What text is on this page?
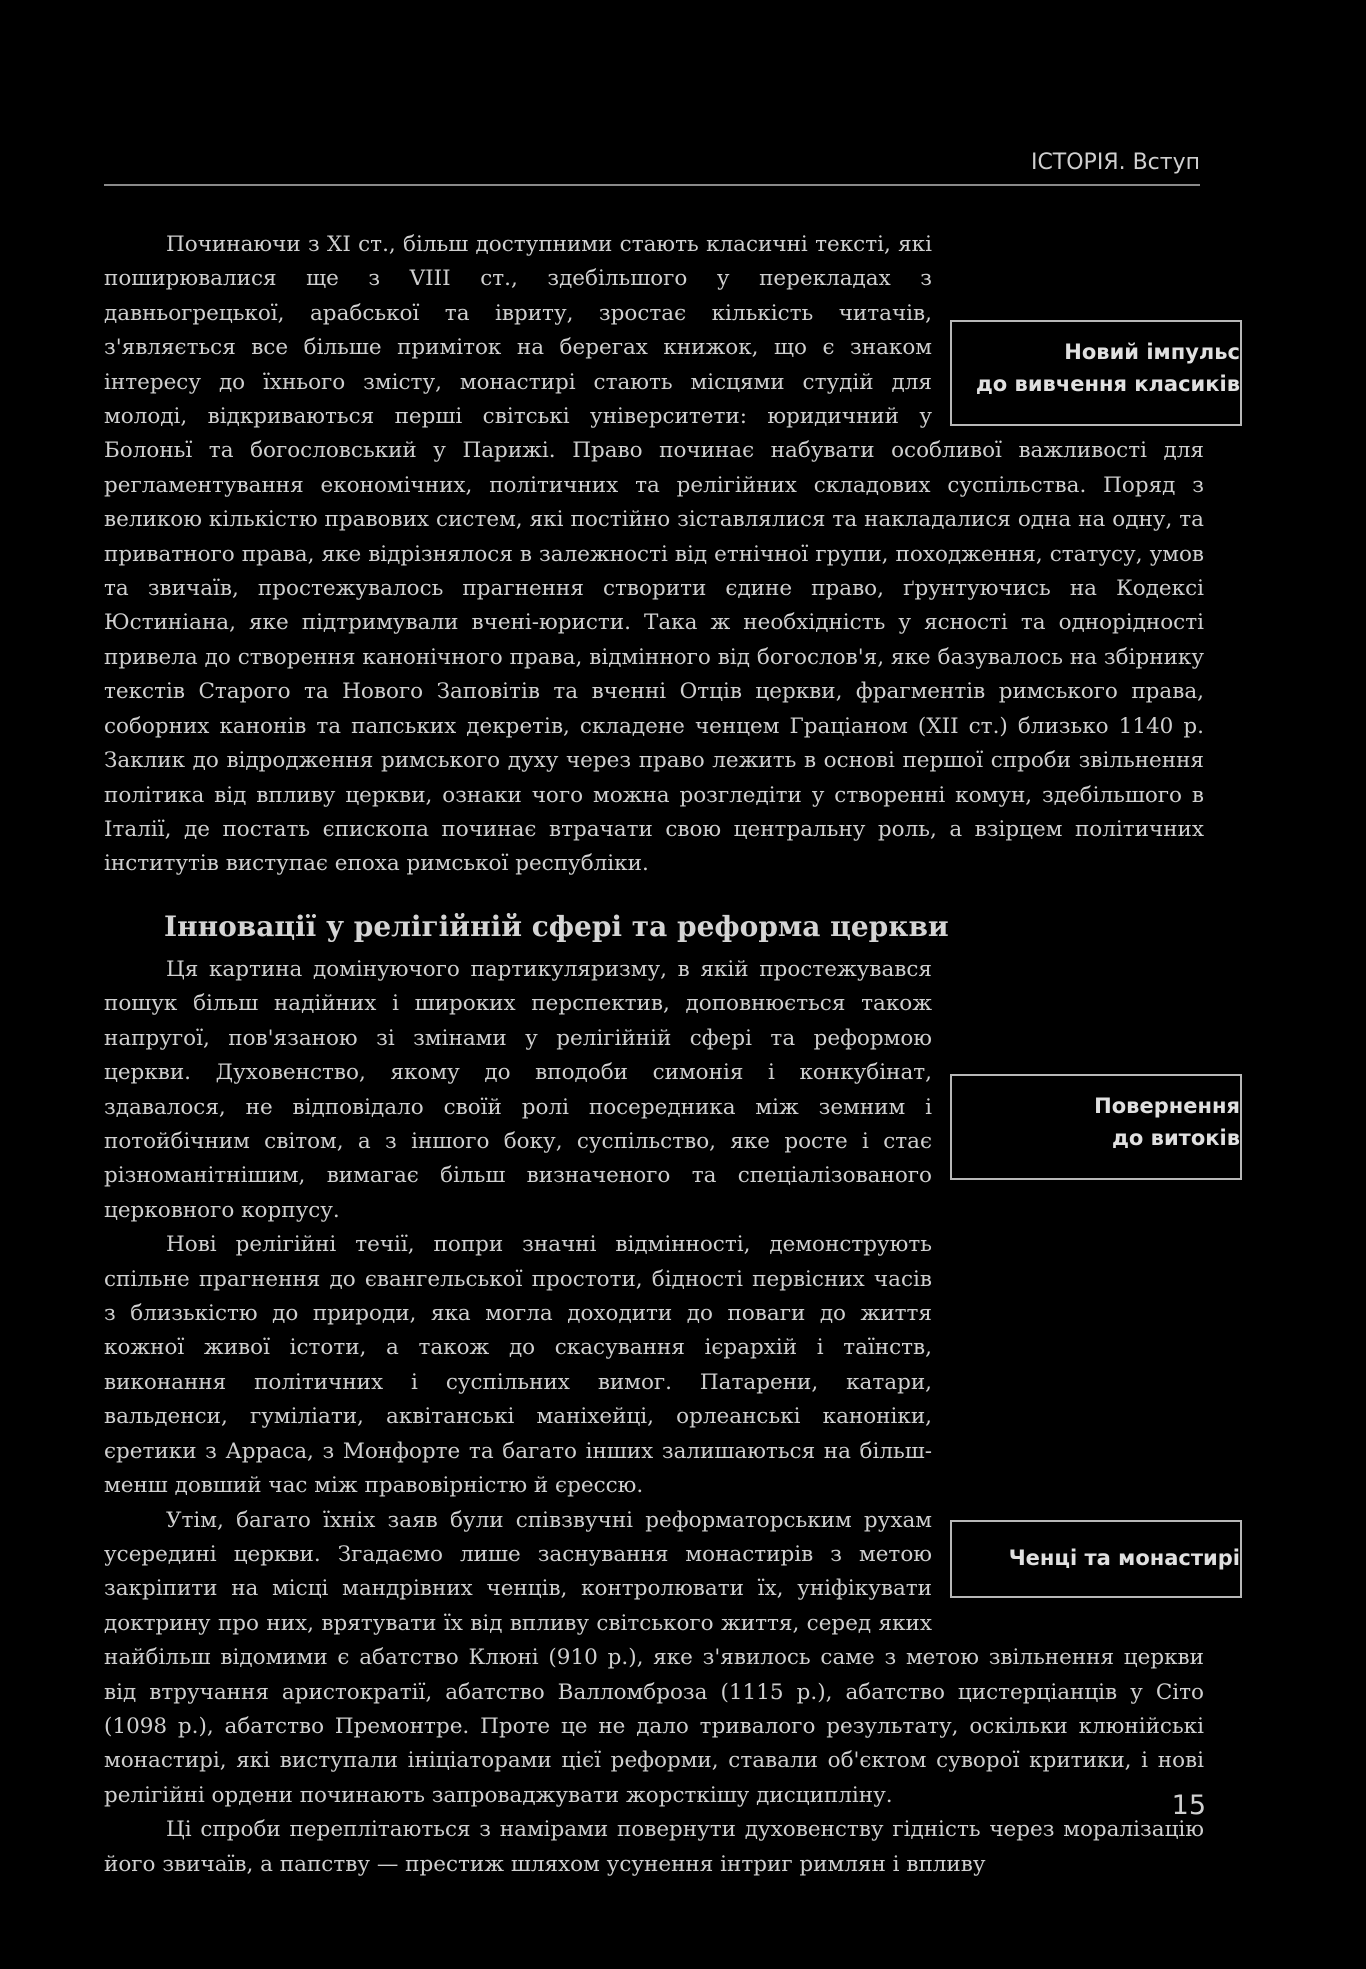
ІСТОРІЯ. Вступ

Починаючи з XI ст., більш доступними стають класичні тексті, які поширювалися ще з VIII ст., здебільшого у перекладах з давньогрецької, арабської та івриту, зростає кількість читачів, з'являється все більше приміток на берегах книжок, що є знаком інтересу до їхнього змісту, монастирі стають місцями студій для молоді, відкриваються перші світські університети: юридичний у Болоньї та богословський у Парижі. Право починає набувати особливої важливості для регламентування економічних, політичних та релігійних складових суспільства. Поряд з великою кількістю правових систем, які постійно зіставлялися та накладалися одна на одну, та приватного права, яке відрізнялося в залежності від етнічної групи, походження, статусу, умов та звичаїв, простежувалось прагнення створити єдине право, ґрунтуючись на Кодексі Юстиніана, яке підтримували вчені-юристи. Така ж необхідність у ясності та одноріднoсті привела до створення канонічного права, відмінного від богослов'я, яке базувалось на збірнику текстів Старого та Нового Заповітів та вченні Отців церкви, фрагментів римського права, соборних канонів та папських декретів, складене ченцем Граціаном (XII ст.) близько 1140 р. Заклик до відродження римського духу через право лежить в основі першої спроби звільнення політика від впливу церкви, ознаки чого можна розгледіти у створенні комун, здебільшого в Італії, де постать єпископа починає втрачати свою центральну роль, а взірцем політичних інститутів виступає епоха римської республіки.

Інновації у релігійній сфері та реформа церкви

Ця картина домінуючого партикуляризму, в якій простежувався пошук більш надійних і широких перспектив, доповнюється також напругої, пов'язаною зі змінами у релігійній сфері та реформою церкви. Духовенство, якому до вподоби симонія і конкубінат, здавалося, не відповідало своїй ролі посередника між земним і потойбічним світом, а з іншого боку, суспільство, яке росте і стає різноманітнішим, вимагає більш визначеного та спеціалізованого церковного корпусу.

Нові релігійні течії, попри значні відмінності, демонструють спільне прагнення до євангельської простоти, бідності первісних часів з близькістю до природи, яка могла доходити до поваги до життя кожної живої істоти, а також до скасування ієрархій і таїнств, виконання політичних і суспільних вимог. Патарени, катари, вальденси, гуміліати, аквітанські маніхейці, орлеанські каноніки, єретики з Арраса, з Монфорте та багато інших залишаються на більш-менш довший час між правовірністю й єрессю.

Утім, багато їхніх заяв були співзвучні реформаторським рухам усередині церкви. Згадаємо лише заснування монастирів з метою закріпити на місці мандрівних ченців, контролювати їх, уніфікувати доктрину про них, врятувати їх від впливу світського життя, серед яких найбільш відомими є абатство Клюні (910 р.), яке з'явилось саме з метою звільнення церкви від втручання аристократії, абатство Валломброза (1115 р.), абатство цистерціанців у Сіто (1098 р.), абатство Премонтре. Проте це не дало тривалого результату, оскільки клюнійські монастирі, які виступали ініціаторами цієї реформи, ставали об'єктом суворої критики, і нові релігійні ордени починають запроваджувати жорсткішу дисципліну.

Ці спроби переплітаються з намірами повернути духовенству гідність через моралізацію його звичаїв, а папству — престиж шляхом усунення інтриг римлян і впливу

Новий імпульс
до вивчення класиків
Повернення
до витоків
Ченці та монастирі
15
